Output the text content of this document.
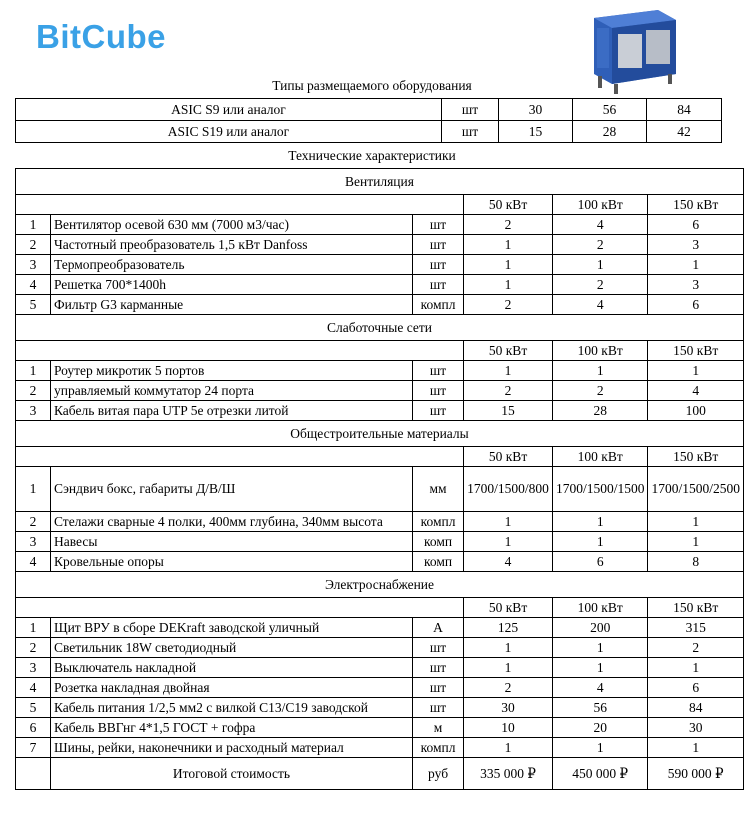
BitCube
Типы размещаемого оборудования
ASIC S9 или аналог	шт	30	56	84
ASIC S19 или аналог	шт	15	28	42
Технические характеристики
Вентиляция					
			50 кВт	100 кВт	150 кВт
1	Вентилятор осевой 630 мм (7000 м3/час)	шт	2	4	6
2	Частотный преобразователь 1,5 кВт Danfoss	шт	1	2	3
3	Термопреобразователь	шт	1	1	1
4	Решетка 700*1400h	шт	1	2	3
5	Фильтр G3 карманные	компл	2	4	6
Слаботочные сети					
			50 кВт	100 кВт	150 кВт
1	Роутер микротик 5 портов	шт	1	1	1
2	управляемый коммутатор 24 порта	шт	2	2	4
3	Кабель витая пара UTP 5е отрезки литой	шт	15	28	100
Общестроительные материалы					
			50 кВт	100 кВт	150 кВт
1	Сэндвич бокс, габариты Д/В/Ш	мм	1700/1500/800	1700/1500/1500	1700/1500/2500
2	Стелажи сварные 4 полки, 400мм глубина, 340мм высота	компл	1	1	1
3	Навесы	комп	1	1	1
4	Кровельные опоры	комп	4	6	8
Электроснабжение					
			50 кВт	100 кВт	150 кВт
1	Щит ВРУ в сборе DEKraft заводской уличный	А	125	200	315
2	Светильник 18W светодиодный	шт	1	1	2
3	Выключатель накладной	шт	1	1	1
4	Розетка накладная двойная	шт	2	4	6
5	Кабель питания 1/2,5 мм2 с вилкой С13/С19 заводской	шт	30	56	84
6	Кабель ВВГнг 4*1,5 ГОСТ + гофра	м	10	20	30
7	Шины, рейки, наконечники и расходный материал	компл	1	1	1
	Итоговой стоимость	руб	335 000 ₽	450 000 ₽	590 000 ₽
